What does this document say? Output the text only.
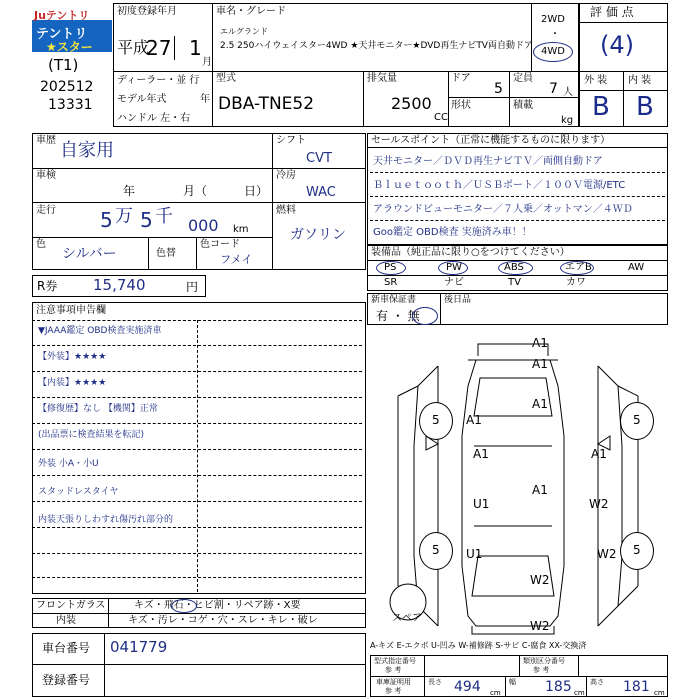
Juテントリ
テントリ
★スター
(T1)
202512
13331
初度登録年月
平成
27 1
月
車名・グレード
エルグランド
2.5 250ハイウェイスター4WD ★天井モニター★DVD再生ナビTV両自動ドア
2WD
・
4WD
ディーラー・並 行
モデル年式	年
ハンドル 左・右
型式
DBA-TNE52
排気量
2500
CC
ドア
5
定員
7 人
形状	積載
kg
評 価 点
(4)
外 装 内 装
B B
車歴 自家用
車検
年	月（	日）
走行 5 万 5 千 000 km
色
シルバー	色替
色コード
フメイ
シフト
CVT
冷房
WAC
燃料
ガソリン
R券 15,740	円
セールスポイント（正常に機能するものに限ります）
天井モニター／ＤＶＤ再生ナビＴＶ／両側自動ドア
Ｂｌｕｅｔｏｏｔｈ／ＵＳＢポート／１００Ｖ電源/ETC
アラウンドビューモニター／７人乗／オットマン／４ＷＤ
Goo鑑定 OBD検査 実施済み車！！
装備品（純正品に限り○をつけてください）
PS	PW	ABS	エアB	AW
SR	ナビ	TV	カワ
新車保証書
有 ・ 無
後日品
注意事項申告欄
▼JAAA鑑定 OBD検査実施済車
【外装】★★★★
【内装】★★★★
【修復歴】なし 【機関】正常
(出品票に検査結果を転記)
外装 小A・小U
スタッドレスタイヤ
内装天張りしわすれ傷汚れ部分的
フロントガラス	キズ・飛石・ヒビ割・リペア跡・X要
内装	キズ・汚レ・コゲ・穴・スレ・キレ・破レ
車台番号 041779
登録番号
5	5
5	5
A1
A1
A1
A1
A1	A1
A1
U1	W2
U1	W2
W2
W2
スペア
A-キズ E-エクボ U-凹み W-補修跡 S-サビ C-腐食 XX-交換済
型式指定番号
参 考
類別区分番号
参 考
車庫証明用
参 考
長さ 494 cm
幅 185 cm
高さ 181 cm
